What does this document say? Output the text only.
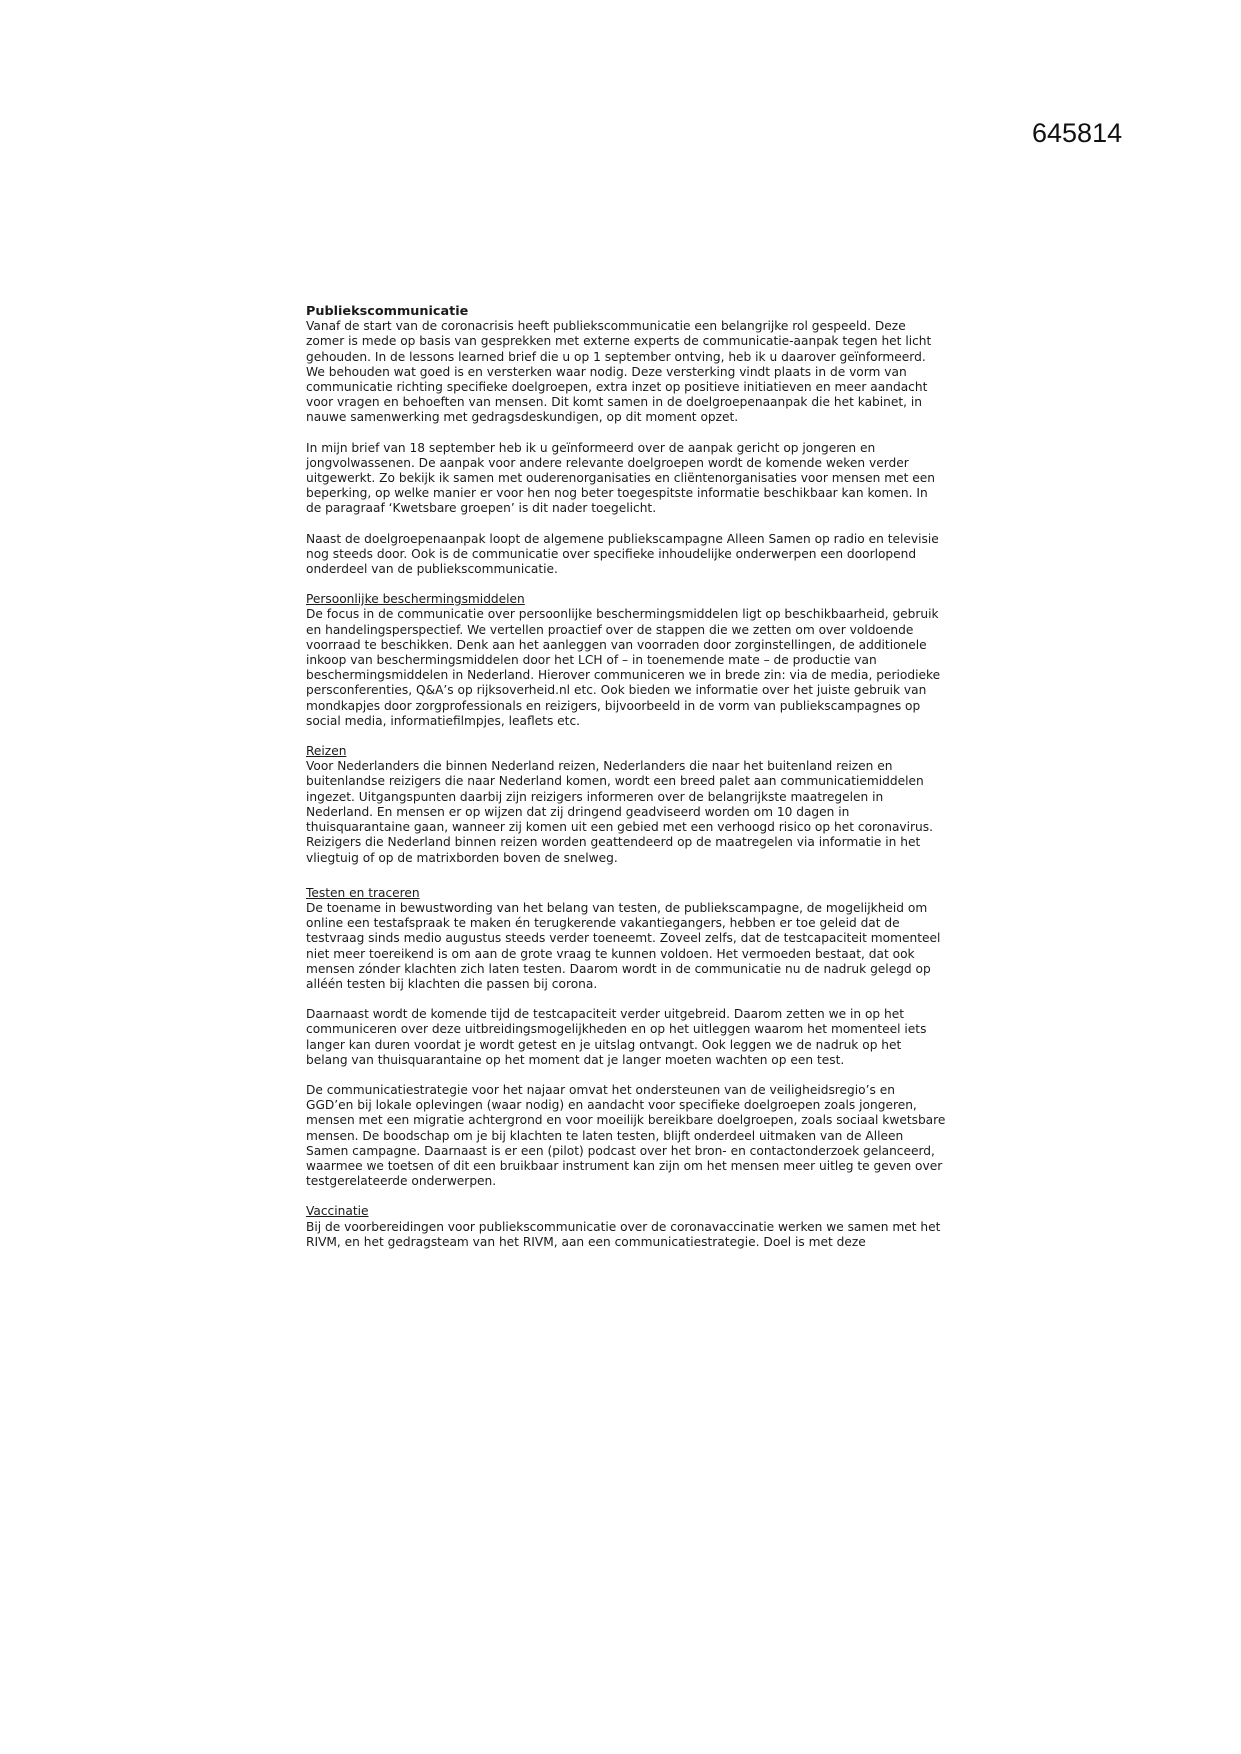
645814

Publiekscommunicatie

Vanaf de start van de coronacrisis heeft publiekscommunicatie een belangrijke rol gespeeld. Deze zomer is mede op basis van gesprekken met externe experts de communicatie-aanpak tegen het licht gehouden. In de lessons learned brief die u op 1 september ontving, heb ik u daarover geïnformeerd. We behouden wat goed is en versterken waar nodig. Deze versterking vindt plaats in de vorm van communicatie richting specifieke doelgroepen, extra inzet op positieve initiatieven en meer aandacht voor vragen en behoeften van mensen. Dit komt samen in de doelgroepenaanpak die het kabinet, in nauwe samenwerking met gedragsdeskundigen, op dit moment opzet.

In mijn brief van 18 september heb ik u geïnformeerd over de aanpak gericht op jongeren en jongvolwassenen. De aanpak voor andere relevante doelgroepen wordt de komende weken verder uitgewerkt. Zo bekijk ik samen met ouderenorganisaties en cliëntenorganisaties voor mensen met een beperking, op welke manier er voor hen nog beter toegespitste informatie beschikbaar kan komen. In de paragraaf ‘Kwetsbare groepen’ is dit nader toegelicht.

Naast de doelgroepenaanpak loopt de algemene publiekscampagne Alleen Samen op radio en televisie nog steeds door. Ook is de communicatie over specifieke inhoudelijke onderwerpen een doorlopend onderdeel van de publiekscommunicatie.

Persoonlijke beschermingsmiddelen

De focus in de communicatie over persoonlijke beschermingsmiddelen ligt op beschikbaarheid, gebruik en handelingsperspectief. We vertellen proactief over de stappen die we zetten om over voldoende voorraad te beschikken. Denk aan het aanleggen van voorraden door zorginstellingen, de additionele inkoop van beschermingsmiddelen door het LCH of – in toenemende mate – de productie van beschermingsmiddelen in Nederland. Hierover communiceren we in brede zin: via de media, periodieke persconferenties, Q&A’s op rijksoverheid.nl etc. Ook bieden we informatie over het juiste gebruik van mondkapjes door zorgprofessionals en reizigers, bijvoorbeeld in de vorm van publiekscampagnes op social media, informatiefilmpjes, leaflets etc.

Reizen

Voor Nederlanders die binnen Nederland reizen, Nederlanders die naar het buitenland reizen en buitenlandse reizigers die naar Nederland komen, wordt een breed palet aan communicatiemiddelen ingezet. Uitgangspunten daarbij zijn reizigers informeren over de belangrijkste maatregelen in Nederland. En mensen er op wijzen dat zij dringend geadviseerd worden om 10 dagen in thuisquarantaine gaan, wanneer zij komen uit een gebied met een verhoogd risico op het coronavirus. Reizigers die Nederland binnen reizen worden geattendeerd op de maatregelen via informatie in het vliegtuig of op de matrixborden boven de snelweg.

Testen en traceren

De toename in bewustwording van het belang van testen, de publiekscampagne, de mogelijkheid om online een testafspraak te maken én terugkerende vakantiegangers, hebben er toe geleid dat de testvraag sinds medio augustus steeds verder toeneemt. Zoveel zelfs, dat de testcapaciteit momenteel niet meer toereikend is om aan de grote vraag te kunnen voldoen. Het vermoeden bestaat, dat ook mensen zónder klachten zich laten testen. Daarom wordt in de communicatie nu de nadruk gelegd op alléén testen bij klachten die passen bij corona.

Daarnaast wordt de komende tijd de testcapaciteit verder uitgebreid. Daarom zetten we in op het communiceren over deze uitbreidingsmogelijkheden en op het uitleggen waarom het momenteel iets langer kan duren voordat je wordt getest en je uitslag ontvangt. Ook leggen we de nadruk op het belang van thuisquarantaine op het moment dat je langer moeten wachten op een test.

De communicatiestrategie voor het najaar omvat het ondersteunen van de veiligheidsregio’s en GGD’en bij lokale oplevingen (waar nodig) en aandacht voor specifieke doelgroepen zoals jongeren, mensen met een migratie achtergrond en voor moeilijk bereikbare doelgroepen, zoals sociaal kwetsbare mensen. De boodschap om je bij klachten te laten testen, blijft onderdeel uitmaken van de Alleen Samen campagne. Daarnaast is er een (pilot) podcast over het bron- en contactonderzoek gelanceerd, waarmee we toetsen of dit een bruikbaar instrument kan zijn om het mensen meer uitleg te geven over testgerelateerde onderwerpen.

Vaccinatie

Bij de voorbereidingen voor publiekscommunicatie over de coronavaccinatie werken we samen met het RIVM, en het gedragsteam van het RIVM, aan een communicatiestrategie. Doel is met deze
